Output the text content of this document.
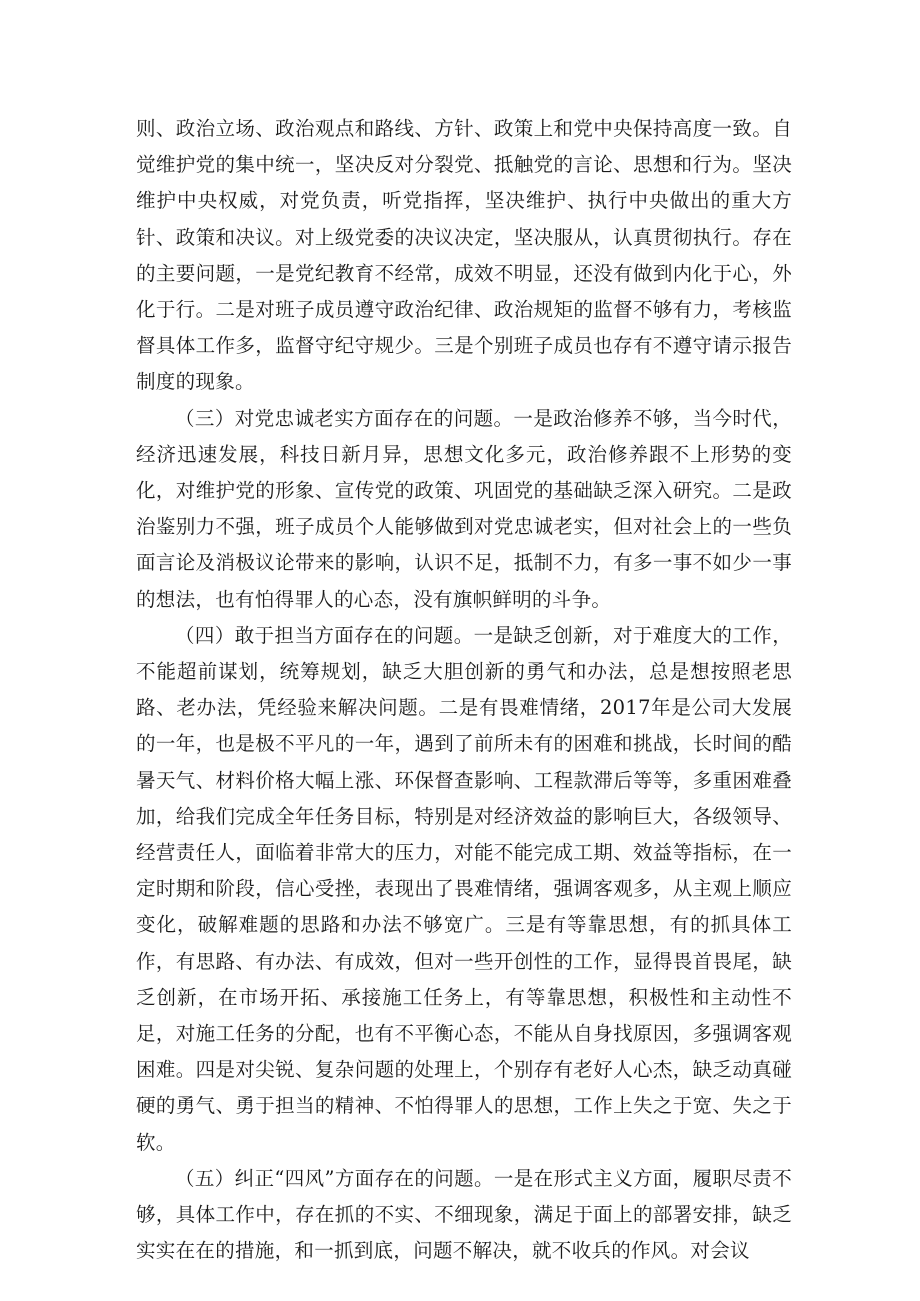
则、政治立场、政治观点和路线、方针、政策上和党中央保持高度一致。自觉维护党的集中统一，坚决反对分裂党、抵触党的言论、思想和行为。坚决维护中央权威，对党负责，听党指挥，坚决维护、执行中央做出的重大方针、政策和决议。对上级党委的决议决定，坚决服从，认真贯彻执行。存在的主要问题，一是党纪教育不经常，成效不明显，还没有做到内化于心，外化于行。二是对班子成员遵守政治纪律、政治规矩的监督不够有力，考核监督具体工作多，监督守纪守规少。三是个别班子成员也存有不遵守请示报告制度的现象。

（三）对党忠诚老实方面存在的问题。一是政治修养不够，当今时代，经济迅速发展，科技日新月异，思想文化多元，政治修养跟不上形势的变化，对维护党的形象、宣传党的政策、巩固党的基础缺乏深入研究。二是政治鉴别力不强，班子成员个人能够做到对党忠诚老实，但对社会上的一些负面言论及消极议论带来的影响，认识不足，抵制不力，有多一事不如少一事的想法，也有怕得罪人的心态，没有旗帜鲜明的斗争。

（四）敢于担当方面存在的问题。一是缺乏创新，对于难度大的工作，不能超前谋划，统筹规划，缺乏大胆创新的勇气和办法，总是想按照老思路、老办法，凭经验来解决问题。二是有畏难情绪，2017年是公司大发展的一年，也是极不平凡的一年，遇到了前所未有的困难和挑战，长时间的酷暑天气、材料价格大幅上涨、环保督查影响、工程款滞后等等，多重困难叠加，给我们完成全年任务目标，特别是对经济效益的影响巨大，各级领导、经营责任人，面临着非常大的压力，对能不能完成工期、效益等指标，在一定时期和阶段，信心受挫，表现出了畏难情绪，强调客观多，从主观上顺应变化，破解难题的思路和办法不够宽广。三是有等靠思想，有的抓具体工作，有思路、有办法、有成效，但对一些开创性的工作，显得畏首畏尾，缺乏创新，在市场开拓、承接施工任务上，有等靠思想，积极性和主动性不足，对施工任务的分配，也有不平衡心态，不能从自身找原因，多强调客观困难。四是对尖锐、复杂问题的处理上，个别存有老好人心杰，缺乏动真碰硬的勇气、勇于担当的精神、不怕得罪人的思想，工作上失之于宽、失之于软。

（五）纠正“四风”方面存在的问题。一是在形式主义方面，履职尽责不够，具体工作中，存在抓的不实、不细现象，满足于面上的部署安排，缺乏实实在在的措施，和一抓到底，问题不解决，就不收兵的作风。对会议
